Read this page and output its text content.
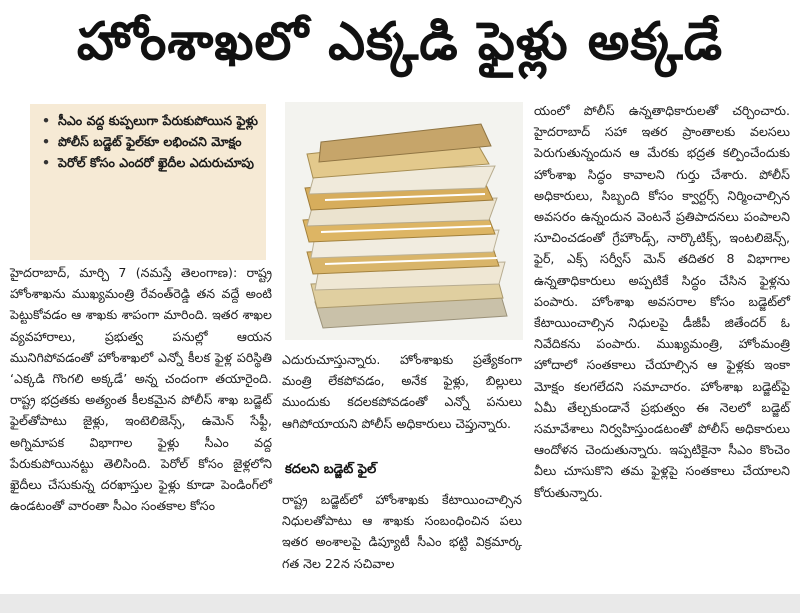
హోంశాఖలో ఎక్కడి ఫైళ్లు అక్కడే
• సీఎం వద్ద కుప్పలుగా పేరుకుపోయిన ఫైళ్లు
• పోలీస్ బడ్జెట్ ఫైల్‌కూ లభించని మోక్షం
• పెరోల్ కోసం ఎందరో ఖైదీల ఎదురుచూపు

హైదరాబాద్, మార్చి 7 (నమస్తే తెలంగాణ): రాష్ట్ర హోంశాఖను ముఖ్యమంత్రి రేవంత్‌రెడ్డి తన వద్దే అంటి పెట్టుకోవడం ఆ శాఖకు శాపంగా మారింది. ఇతర శాఖల వ్యవహారాలు, ప్రభుత్వ పనుల్లో ఆయన మునిగిపోవడంతో హోంశాఖలో ఎన్నో కీలక ఫైళ్ల పరిస్థితి ‘ఎక్కడి గొంగలి అక్కడే’ అన్న చందంగా తయారైంది. రాష్ట్ర భద్రతకు అత్యంత కీలకమైన పోలీస్ శాఖ బడ్జెట్ ఫైల్‌తోపాటు జైళ్లు, ఇంటెలిజెన్స్, ఉమెన్ సేఫ్టీ, అగ్నిమాపక విభాగాల ఫైళ్లు సీఎం వద్ద పేరుకుపోయినట్టు తెలిసింది. పెరోల్ కోసం జైళ్లలోని ఖైదీలు చేసుకున్న దరఖాస్తుల ఫైళ్లు కూడా పెండింగ్‌లో ఉండటంతో వారంతా సీఎం సంతకాల కోసం

ఎదురుచూస్తున్నారు. హోంశాఖకు ప్రత్యేకంగా మంత్రి లేకపోవడం, అనేక ఫైళ్లు, బిల్లులు ముందుకు కదలకపోవడంతో ఎన్నో పనులు ఆగిపోయాయని పోలీస్ అధికారులు చెప్తున్నారు.

కదలని బడ్జెట్ ఫైల్

రాష్ట్ర బడ్జెట్‌లో హోంశాఖకు కేటాయించాల్సిన నిధులతోపాటు ఆ శాఖకు సంబంధించిన పలు ఇతర అంశాలపై డిప్యూటీ సీఎం భట్టి విక్రమార్క గత నెల 22న సచివాల

యంలో పోలీస్ ఉన్నతాధికారులతో చర్చించారు. హైదరాబాద్ సహా ఇతర ప్రాంతాలకు వలసలు పెరుగుతున్నందున ఆ మేరకు భద్రత కల్పించేందుకు హోంశాఖ సిద్ధం కావాలని గుర్తు చేశారు. పోలీస్ అధికారులు, సిబ్బంది కోసం క్వార్టర్స్ నిర్మించాల్సిన అవసరం ఉన్నందున వెంటనే ప్రతిపాదనలు పంపాలని సూచించడంతో గ్రేహౌండ్స్, నార్కొటిక్స్, ఇంటలిజెన్స్, ఫైర్, ఎక్స్ సర్వీస్ మెన్ తదితర 8 విభాగాల ఉన్నతాధికారులు అప్పటికే సిద్ధం చేసిన ఫైళ్లను పంపారు. హోంశాఖ అవసరాల కోసం బడ్జెట్‌లో కేటాయించాల్సిన నిధులపై డీజీపీ జితేందర్ ఓ నివేదికను పంపారు. ముఖ్యమంత్రి, హోంమంత్రి హోదాలో సంతకాలు చేయాల్సిన ఆ ఫైళ్లకు ఇంకా మోక్షం కలగలేదని సమాచారం. హోంశాఖ బడ్జెట్‌పై ఏమీ తేల్చకుండానే ప్రభుత్వం ఈ నెలలో బడ్జెట్ సమావేశాలు నిర్వహిస్తుండటంతో పోలీస్ అధికారులు ఆందోళన చెందుతున్నారు. ఇప్పటికైనా సీఎం కొంచెం వీలు చూసుకొని తమ ఫైళ్లపై సంతకాలు చేయాలని కోరుతున్నారు.
